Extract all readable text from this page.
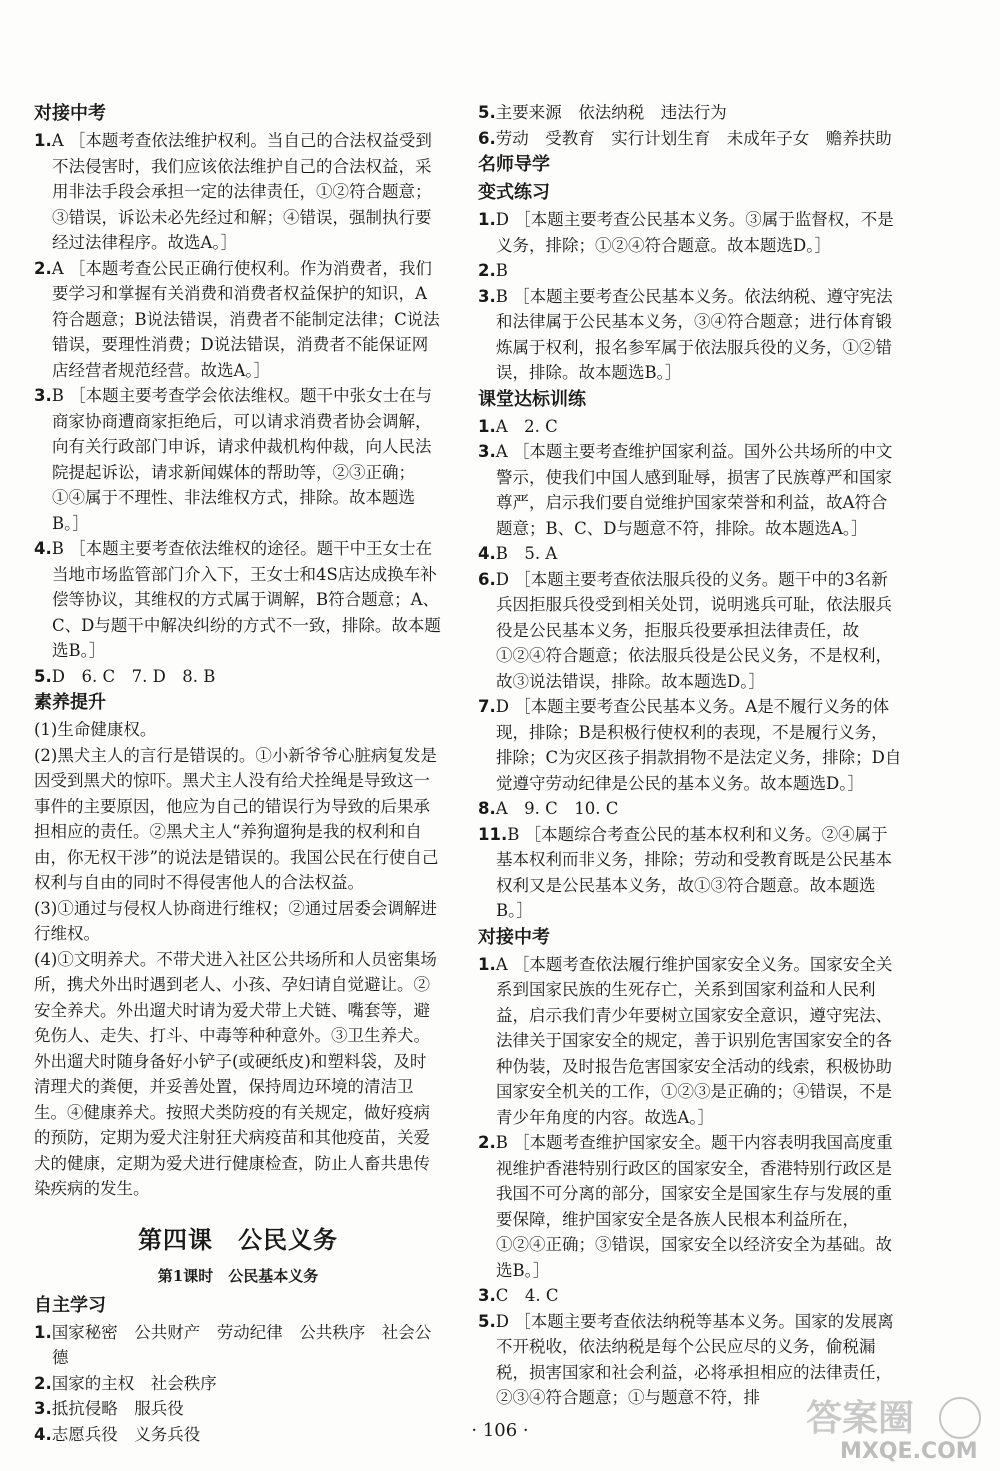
对接中考
1.A ［本题考查依法维护权利。当自己的合法权益受到不法侵害时，我们应该依法维护自己的合法权益，采用非法手段会承担一定的法律责任，①②符合题意；③错误，诉讼未必先经过和解；④错误，强制执行要经过法律程序。故选A。］
2.A ［本题考查公民正确行使权利。作为消费者，我们要学习和掌握有关消费和消费者权益保护的知识，A符合题意；B说法错误，消费者不能制定法律；C说法错误，要理性消费；D说法错误，消费者不能保证网店经营者规范经营。故选A。］
3.B ［本题主要考查学会依法维权。题干中张女士在与商家协商遭商家拒绝后，可以请求消费者协会调解，向有关行政部门申诉，请求仲裁机构仲裁，向人民法院提起诉讼，请求新闻媒体的帮助等，②③正确；①④属于不理性、非法维权方式，排除。故本题选B。］
4.B ［本题主要考查依法维权的途径。题干中王女士在当地市场监管部门介入下，王女士和4S店达成换车补偿等协议，其维权的方式属于调解，B符合题意；A、C、D与题干中解决纠纷的方式不一致，排除。故本题选B。］
5.D　6. C　7. D　8. B
素养提升
(1)生命健康权。
(2)黑犬主人的言行是错误的。①小新爷爷心脏病复发是因受到黑犬的惊吓。黑犬主人没有给犬拴绳是导致这一事件的主要原因，他应为自己的错误行为导致的后果承担相应的责任。②黑犬主人“养狗遛狗是我的权利和自由，你无权干涉”的说法是错误的。我国公民在行使自己权利与自由的同时不得侵害他人的合法权益。
(3)①通过与侵权人协商进行维权；②通过居委会调解进行维权。
(4)①文明养犬。不带犬进入社区公共场所和人员密集场所，携犬外出时遇到老人、小孩、孕妇请自觉避让。②安全养犬。外出遛犬时请为爱犬带上犬链、嘴套等，避免伤人、走失、打斗、中毒等种种意外。③卫生养犬。外出遛犬时随身备好小铲子(或硬纸皮)和塑料袋，及时清理犬的粪便，并妥善处置，保持周边环境的清洁卫生。④健康养犬。按照犬类防疫的有关规定，做好疫病的预防，定期为爱犬注射狂犬病疫苗和其他疫苗，关爱犬的健康，定期为爱犬进行健康检查，防止人畜共患传染疾病的发生。
第四课　公民义务
第1课时　公民基本义务
自主学习
1.国家秘密　公共财产　劳动纪律　公共秩序　社会公德
2.国家的主权　社会秩序
3.抵抗侵略　服兵役
4.志愿兵役　义务兵役
5.主要来源　依法纳税　违法行为
6.劳动　受教育　实行计划生育　未成年子女　赡养扶助
名师导学
变式练习
1.D ［本题主要考查公民基本义务。③属于监督权，不是义务，排除；①②④符合题意。故本题选D。］
2.B
3.B ［本题主要考查公民基本义务。依法纳税、遵守宪法和法律属于公民基本义务，③④符合题意；进行体育锻炼属于权利，报名参军属于依法服兵役的义务，①②错误，排除。故本题选B。］
课堂达标训练
1.A　2. C
3.A ［本题主要考查维护国家利益。国外公共场所的中文警示，使我们中国人感到耻辱，损害了民族尊严和国家尊严，启示我们要自觉维护国家荣誉和利益，故A符合题意；B、C、D与题意不符，排除。故本题选A。］
4.B　5. A
6.D ［本题主要考查依法服兵役的义务。题干中的3名新兵因拒服兵役受到相关处罚，说明逃兵可耻，依法服兵役是公民基本义务，拒服兵役要承担法律责任，故①②④符合题意；依法服兵役是公民义务，不是权利，故③说法错误，排除。故本题选D。］
7.D ［本题主要考查公民基本义务。A是不履行义务的体现，排除；B是积极行使权利的表现，不是履行义务，排除；C为灾区孩子捐款捐物不是法定义务，排除；D自觉遵守劳动纪律是公民的基本义务。故本题选D。］
8.A　9. C　10. C
11.B ［本题综合考查公民的基本权利和义务。②④属于基本权利而非义务，排除；劳动和受教育既是公民基本权利又是公民基本义务，故①③符合题意。故本题选B。］
对接中考
1.A ［本题考查依法履行维护国家安全义务。国家安全关系到国家民族的生死存亡，关系到国家利益和人民利益，启示我们青少年要树立国家安全意识，遵守宪法、法律关于国家安全的规定，善于识别危害国家安全的各种伪装，及时报告危害国家安全活动的线索，积极协助国家安全机关的工作，①②③是正确的；④错误，不是青少年角度的内容。故选A。］
2.B ［本题考查维护国家安全。题干内容表明我国高度重视维护香港特别行政区的国家安全，香港特别行政区是我国不可分离的部分，国家安全是国家生存与发展的重要保障，维护国家安全是各族人民根本利益所在，①②④正确；③错误，国家安全以经济安全为基础。故选B。］
3.C　4. C
5.D ［本题主要考查依法纳税等基本义务。国家的发展离不开税收，依法纳税是每个公民应尽的义务，偷税漏税，损害国家和社会利益，必将承担相应的法律责任，②③④符合题意；①与题意不符，排
· 106 ·	答案圈
MXQE.COM
